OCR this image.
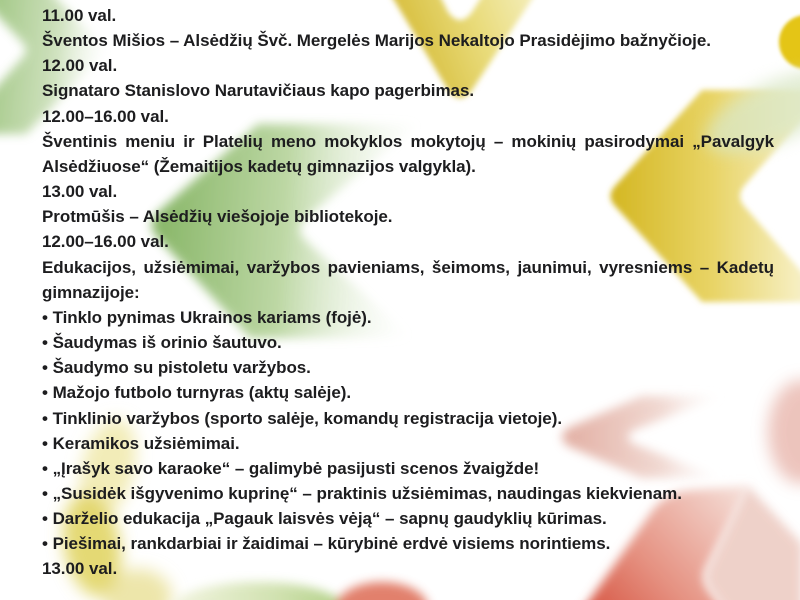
11.00 val.

Šventos Mišios – Alsėdžių Švč. Mergelės Marijos Nekaltojo Prasidėjimo bažnyčioje.

12.00 val.

Signataro Stanislovo Narutavičiaus kapo pagerbimas.

12.00–16.00 val.

Šventinis meniu ir Platelių meno mokyklos mokytojų – mokinių pasirodymai „Pavalgyk Alsėdžiuose“ (Žemaitijos kadetų gimnazijos valgykla).

13.00 val.

Protmūšis – Alsėdžių viešojoje bibliotekoje.

12.00–16.00 val.

Edukacijos, užsiėmimai, varžybos pavieniams, šeimoms, jaunimui, vyresniems – Kadetų gimnazijoje:

• Tinklo pynimas Ukrainos kariams (fojė).

• Šaudymas iš orinio šautuvo.

• Šaudymo su pistoletu varžybos.

• Mažojo futbolo turnyras (aktų salėje).

• Tinklinio varžybos (sporto salėje, komandų registracija vietoje).

• Keramikos užsiėmimai.

• „Įrašyk savo karaoke“ – galimybė pasijusti scenos žvaigžde!

• „Susidėk išgyvenimo kuprinę“ – praktinis užsiėmimas, naudingas kiekvienam.

• Darželio edukacija „Pagauk laisvės vėją“ – sapnų gaudyklių kūrimas.

• Piešimai, rankdarbiai ir žaidimai – kūrybinė erdvė visiems norintiems.

13.00 val.
